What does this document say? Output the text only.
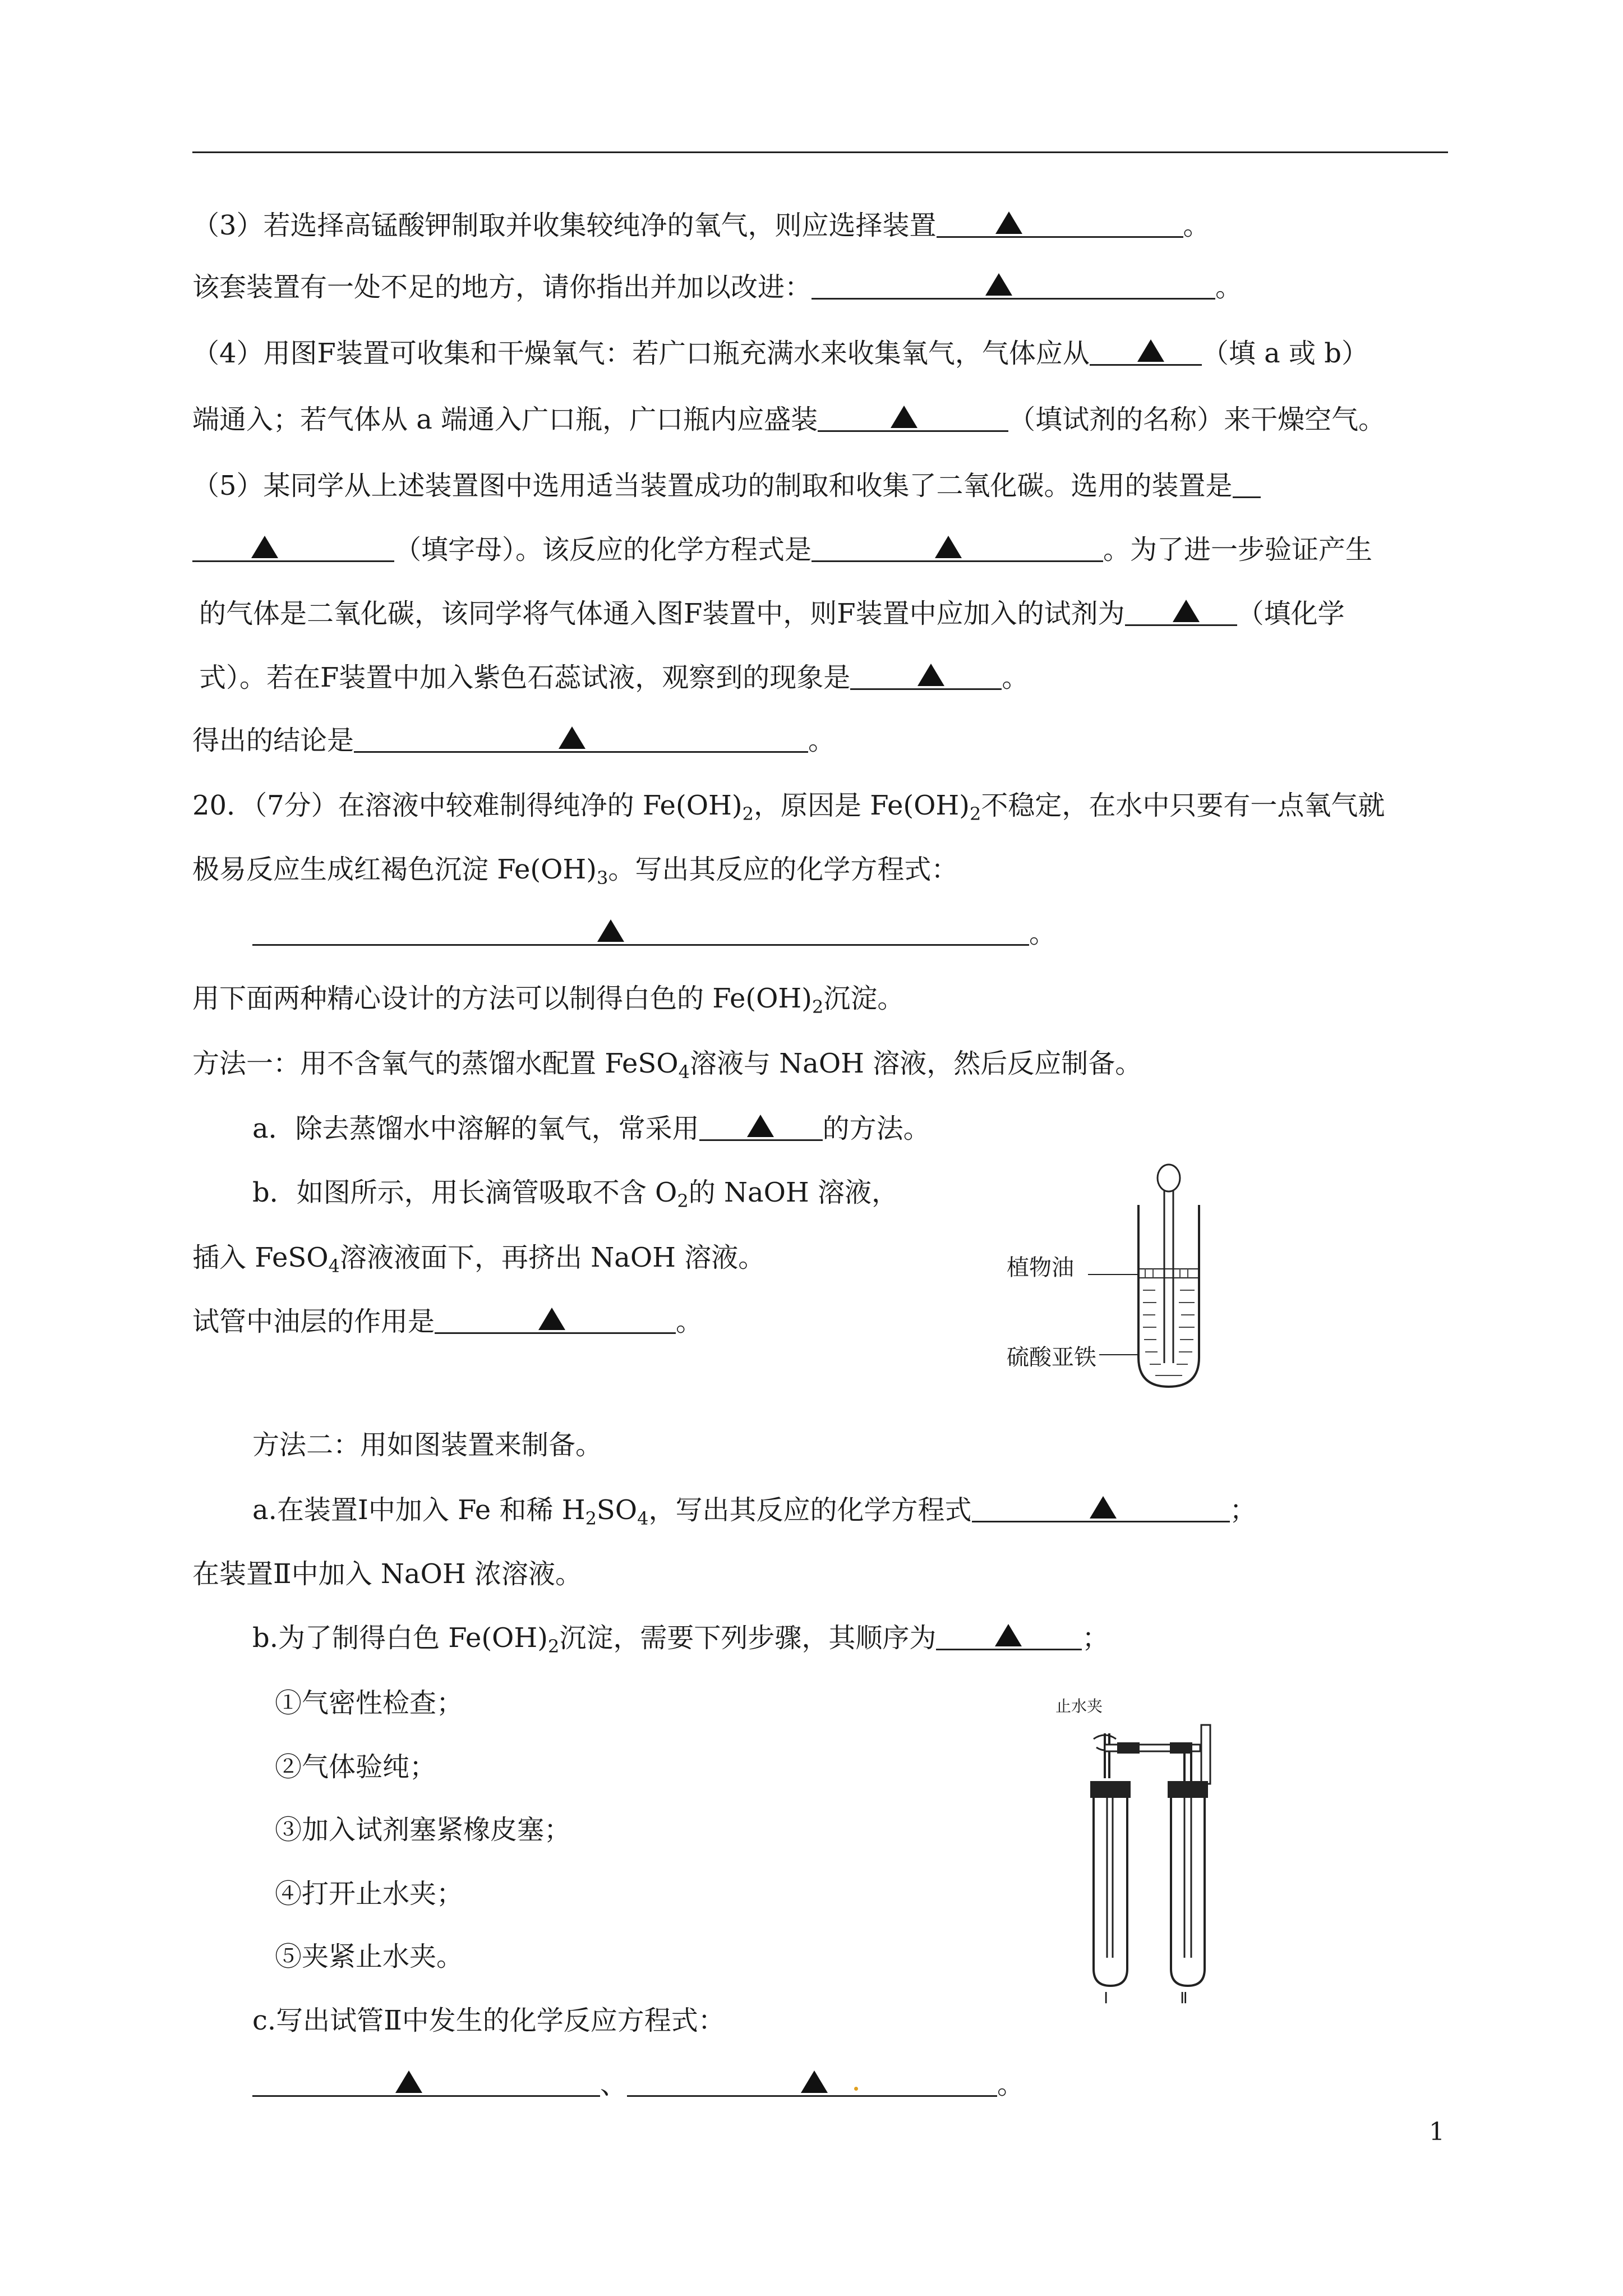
（3）若选择高锰酸钾制取并收集较纯净的氧气，则应选择装置	。
该套装置有一处不足的地方，请你指出并加以改进：	。
（4）用图F装置可收集和干燥氧气：若广口瓶充满水来收集氧气，气体应从	（填 a 或 b）
端通入；若气体从 a 端通入广口瓶，广口瓶内应盛装	（填试剂的名称）来干燥空气。
（5）某同学从上述装置图中选用适当装置成功的制取和收集了二氧化碳。选用的装置是
（填字母）。该反应的化学方程式是	。为了进一步验证产生
的气体是二氧化碳，该同学将气体通入图F装置中，则F装置中应加入的试剂为	（填化学
式）。若在F装置中加入紫色石蕊试液，观察到的现象是	。
得出的结论是	。
20．（7分）在溶液中较难制得纯净的 $Fe(OH)_2$，原因是 $Fe(OH)_2$不稳定，在水中只要有一点氧气就
极易反应生成红褐色沉淀 $Fe(OH)_3$。写出其反应的化学方程式：
。
用下面两种精心设计的方法可以制得白色的 $Fe(OH)_2$沉淀。
方法一：用不含氧气的蒸馏水配置 FeSO$_4$溶液与 NaOH 溶液，然后反应制备。
a．除去蒸馏水中溶解的氧气，常采用	的方法。
b．如图所示，用长滴管吸取不含 $O_2$的 NaOH 溶液，
插入 FeSO$_4$溶液液面下，再挤出 NaOH 溶液。
试管中油层的作用是	。
植物油
硫酸亚铁
方法二：用如图装置来制备。
a.在装置Ⅰ中加入 Fe 和稀 $H_2SO_4$，写出其反应的化学方程式	；
在装置Ⅱ中加入 NaOH 浓溶液。
b.为了制得白色 $Fe(OH)_2$沉淀，需要下列步骤，其顺序为	；
①气密性检查；
②气体验纯；
③加入试剂塞紧橡皮塞；
④打开止水夹；
⑤夹紧止水夹。
c.写出试管Ⅱ中发生的化学反应方程式：
、	。
止水夹
Ⅰ	Ⅱ
1
